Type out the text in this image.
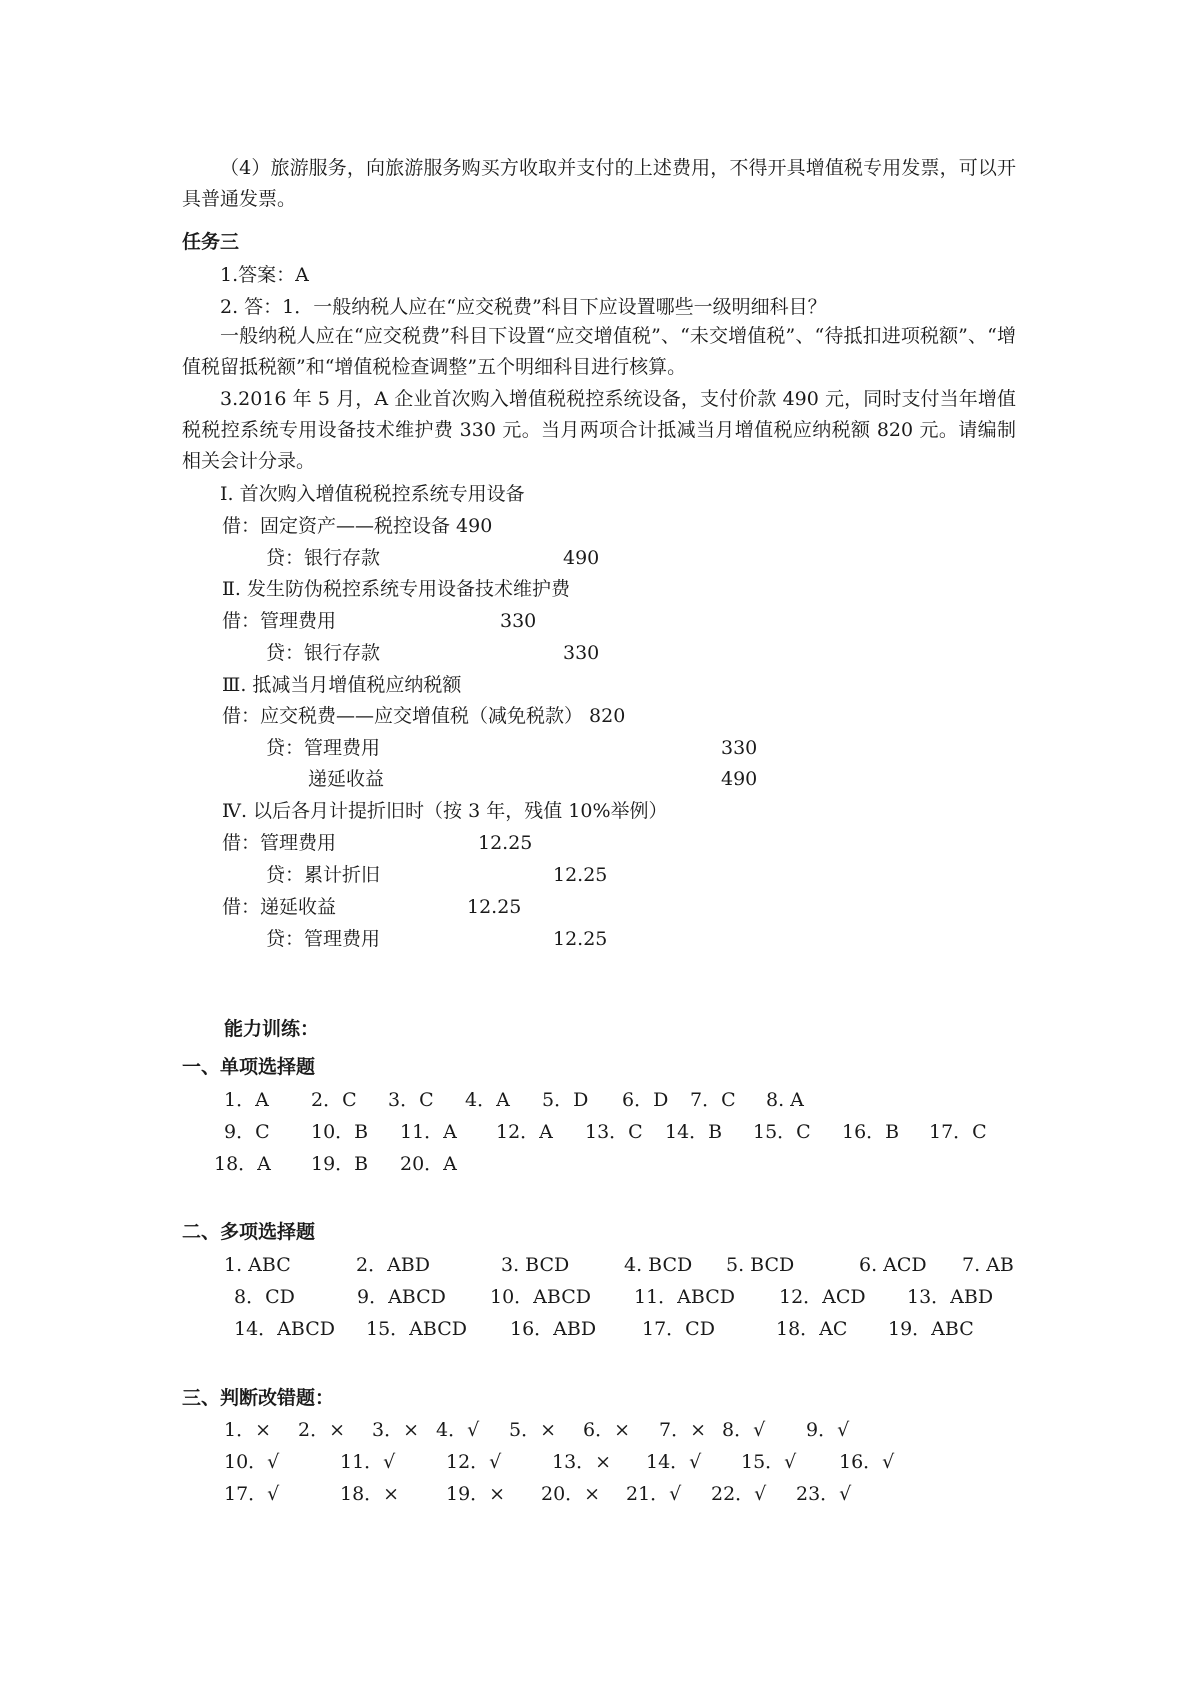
（4）旅游服务，向旅游服务购买方收取并支付的上述费用，不得开具增值税专用发票，可以开具普通发票。
任务三
1.答案：A
2. 答：1．一般纳税人应在“应交税费”科目下应设置哪些一级明细科目？
一般纳税人应在“应交税费”科目下设置“应交增值税”、“未交增值税”、“待抵扣进项税额”、“增值税留抵税额”和“增值税检查调整”五个明细科目进行核算。
3.2016 年 5 月，A 企业首次购入增值税税控系统设备，支付价款 490 元，同时支付当年增值税税控系统专用设备技术维护费 330 元。当月两项合计抵减当月增值税应纳税额 820 元。请编制相关会计分录。
Ⅰ. 首次购入增值税税控系统专用设备
借：固定资产——税控设备 490
贷：银行存款	490
Ⅱ. 发生防伪税控系统专用设备技术维护费
借：管理费用	330
贷：银行存款	330
Ⅲ. 抵减当月增值税应纳税额
借：应交税费——应交增值税（减免税款） 820
贷：管理费用	330
递延收益	490
Ⅳ. 以后各月计提折旧时（按 3 年，残值 10%举例）
借：管理费用	12.25
贷：累计折旧	12.25
借：递延收益	12.25
贷：管理费用	12.25
能力训练：
一、单项选择题
1．A 2．C 3．C 4．A 5．D 6．D 7．C 8. A
9．C 10．B 11．A 12．A 13．C 14．B 15．C 16．B 17．C
18．A 19．B 20．A
二、多项选择题
1. ABC	2．ABD	3. BCD	4. BCD 5. BCD	6. ACD 7. AB
8．CD	9．ABCD 10．ABCD 11．ABCD 12．ACD 13．ABD
14．ABCD 15．ABCD 16．ABD 17．CD	18．AC 19．ABC
三、判断改错题：
1．× 2．× 3．× 4．√ 5．× 6．× 7．× 8．√ 9．√
10．√	11．√	12．√	13．× 14．√ 15．√ 16．√
17．√	18．× 19．× 20．× 21．√ 22．√ 23．√
